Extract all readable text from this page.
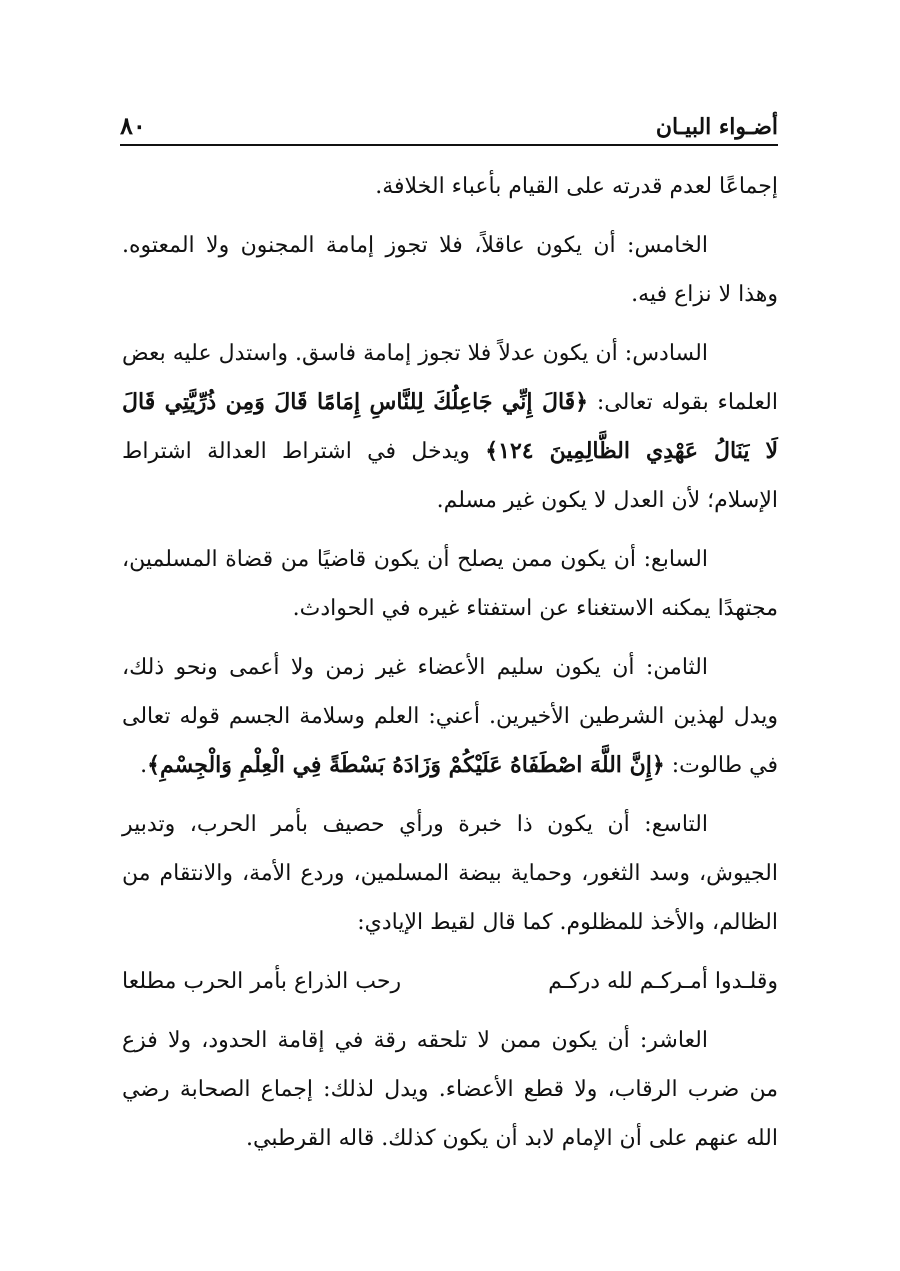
أضـواء البيـان
٨٠

إجماعًا لعدم قدرته على القيام بأعباء الخلافة.

الخامس: أن يكون عاقلاً، فلا تجوز إمامة المجنون ولا المعتوه. وهذا لا نزاع فيه.

السادس: أن يكون عدلاً فلا تجوز إمامة فاسق. واستدل عليه بعض العلماء بقوله تعالى: ﴿قَالَ إِنِّي جَاعِلُكَ لِلنَّاسِ إِمَامًا قَالَ وَمِن ذُرِّيَّتِي قَالَ لَا يَنَالُ عَهْدِي الظَّالِمِينَ ١٢٤﴾ ويدخل في اشتراط العدالة اشتراط الإسلام؛ لأن العدل لا يكون غير مسلم.

السابع: أن يكون ممن يصلح أن يكون قاضيًا من قضاة المسلمين، مجتهدًا يمكنه الاستغناء عن استفتاء غيره في الحوادث.

الثامن: أن يكون سليم الأعضاء غير زمن ولا أعمى ونحو ذلك، ويدل لهذين الشرطين الأخيرين. أعني: العلم وسلامة الجسم قوله تعالى في طالوت: ﴿إِنَّ اللَّهَ اصْطَفَاهُ عَلَيْكُمْ وَزَادَهُ بَسْطَةً فِي الْعِلْمِ وَالْجِسْمِ﴾.

التاسع: أن يكون ذا خبرة ورأي حصيف بأمر الحرب، وتدبير الجيوش، وسد الثغور، وحماية بيضة المسلمين، وردع الأمة، والانتقام من الظالم، والأخذ للمظلوم. كما قال لقيط الإيادي:

وقلـدوا أمـركـم لله دركـم
رحب الذراع بأمر الحرب مطلعا

العاشر: أن يكون ممن لا تلحقه رقة في إقامة الحدود، ولا فزع من ضرب الرقاب، ولا قطع الأعضاء. ويدل لذلك: إجماع الصحابة رضي الله عنهم على أن الإمام لابد أن يكون كذلك. قاله القرطبي.
